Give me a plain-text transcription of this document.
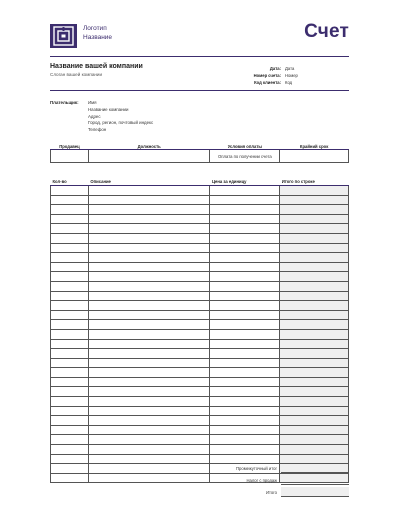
Логотип
Название	Счет
Название вашей компании
Слоган вашей компании
Дата: Дата
Номер счета: Номер
Код клиента: Код
Плательщик:	Имя
Название компании
Адрес
Город, регион, почтовый индекс
Телефон
Продавец	Должность	Условия оплаты	Крайний срок
		Оплата по получении счета	
Кол-во	Описание	Цена за единицу	Итого по строке

Промежуточный итог
Налог с продаж
Итого
